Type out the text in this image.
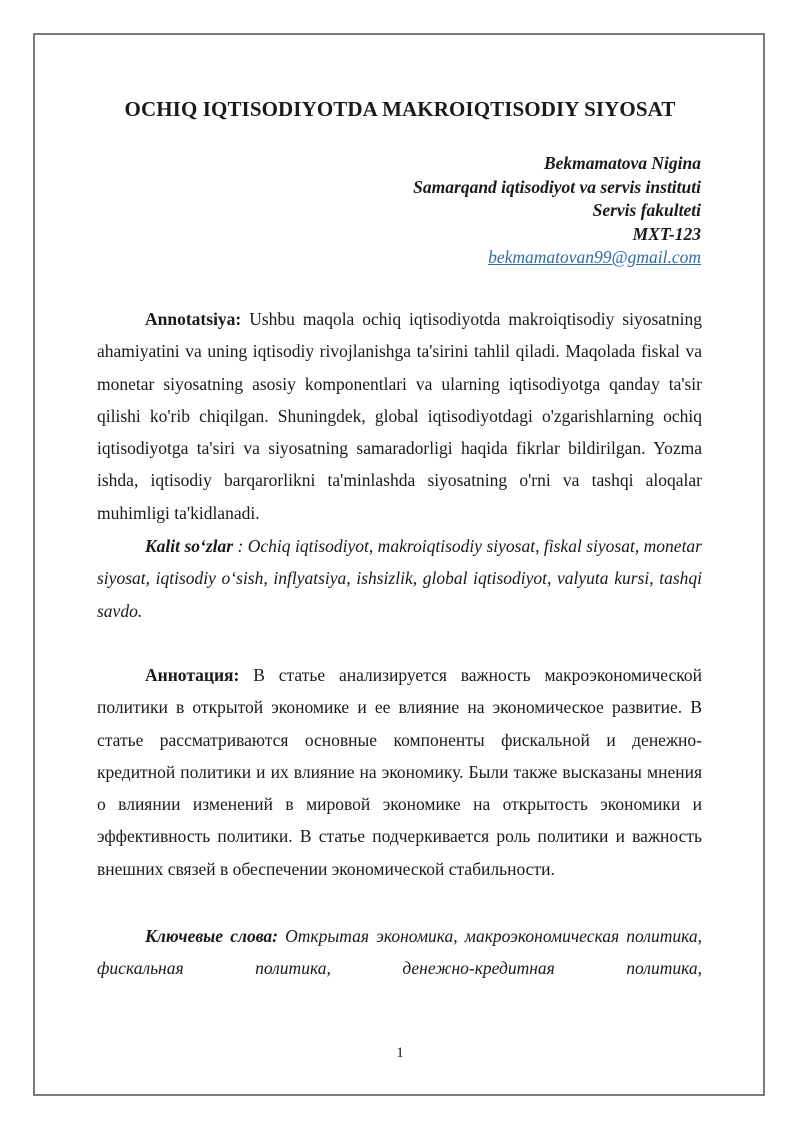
OCHIQ IQTISODIYOTDA MAKROIQTISODIY SIYOSAT
Bekmamatova Nigina
Samarqand iqtisodiyot va servis instituti
Servis fakulteti
MXT-123
bekmamatovan99@gmail.com

Annotatsiya: Ushbu maqola ochiq iqtisodiyotda makroiqtisodiy siyosatning ahamiyatini va uning iqtisodiy rivojlanishga ta'sirini tahlil qiladi. Maqolada fiskal va monetar siyosatning asosiy komponentlari va ularning iqtisodiyotga qanday ta'sir qilishi ko'rib chiqilgan. Shuningdek, global iqtisodiyotdagi o'zgarishlarning ochiq iqtisodiyotga ta'siri va siyosatning samaradorligi haqida fikrlar bildirilgan. Yozma ishda, iqtisodiy barqarorlikni ta'minlashda siyosatning o'rni va tashqi aloqalar muhimligi ta'kidlanadi.

Kalit so‘zlar : Ochiq iqtisodiyot, makroiqtisodiy siyosat, fiskal siyosat, monetar siyosat, iqtisodiy o‘sish, inflyatsiya, ishsizlik, global iqtisodiyot, valyuta kursi, tashqi savdo.

Аннотация: В статье анализируется важность макроэкономической политики в открытой экономике и ее влияние на экономическое развитие. В статье рассматриваются основные компоненты фискальной и денежно-кредитной политики и их влияние на экономику. Были также высказаны мнения о влиянии изменений в мировой экономике на открытость экономики и эффективность политики. В статье подчеркивается роль политики и важность внешних связей в обеспечении экономической стабильности.

Ключевые слова: Открытая экономика, макроэкономическая политика, фискальная политика, денежно-кредитная политика,

1
